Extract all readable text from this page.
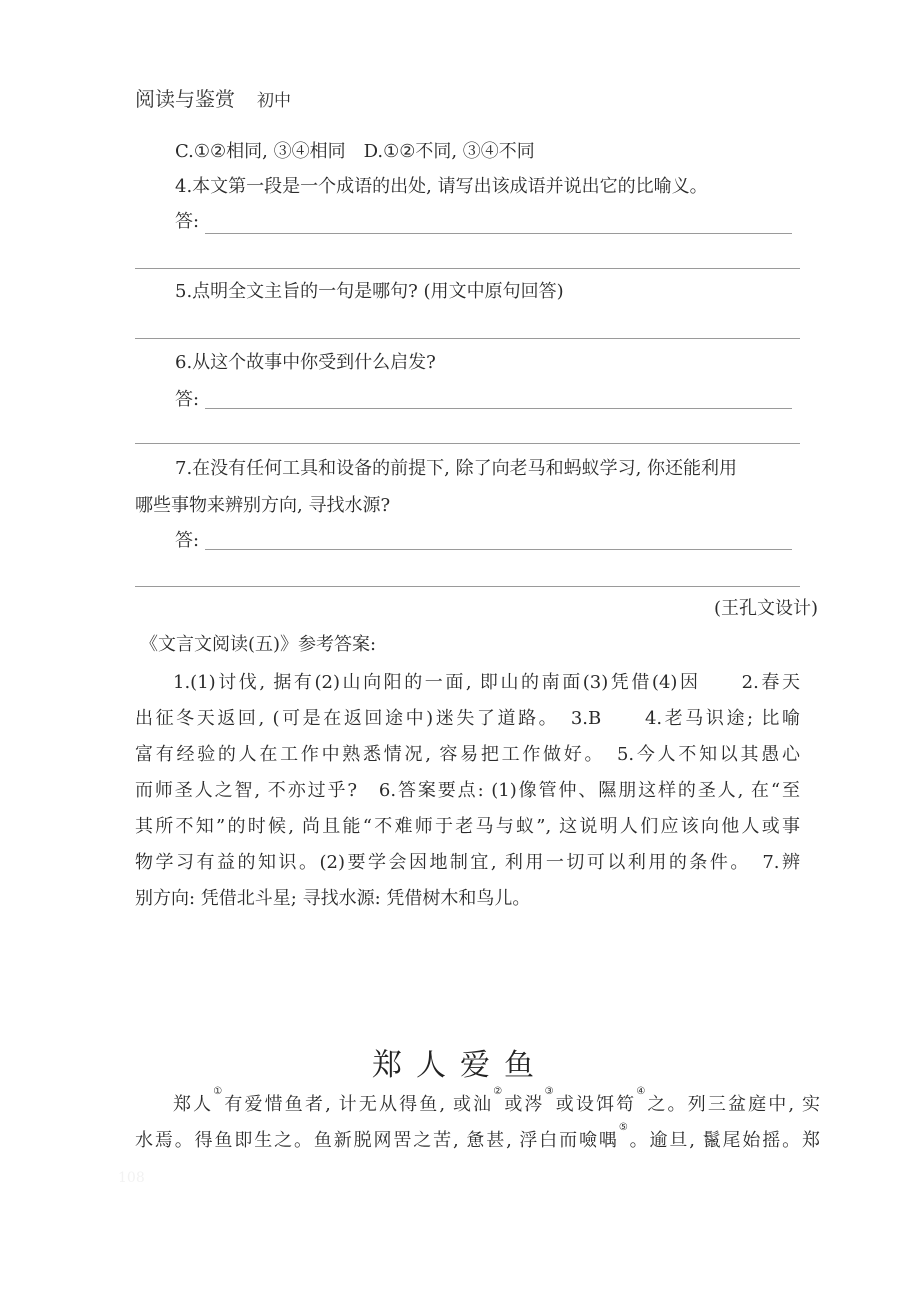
阅读与鉴赏 初中
C.①②相同, ③④相同　D.①②不同, ③④不同
4.本文第一段是一个成语的出处, 请写出该成语并说出它的比喻义。
答:
5.点明全文主旨的一句是哪句? (用文中原句回答)
6.从这个故事中你受到什么启发?
答:
7.在没有任何工具和设备的前提下, 除了向老马和蚂蚁学习, 你还能利用
哪些事物来辨别方向, 寻找水源?
答:
(王孔文设计)
《文言文阅读(五)》参考答案:

1.(1)讨伐, 据有(2)山向阳的一面, 即山的南面(3)凭借(4)因　　2.春天

出征冬天返回, (可是在返回途中)迷失了道路。　3.B　　4.老马识途; 比喻

富有经验的人在工作中熟悉情况, 容易把工作做好。　5.今人不知以其愚心

而师圣人之智, 不亦过乎?　6.答案要点: (1)像管仲、隰朋这样的圣人, 在“至

其所不知”的时候, 尚且能“不难师于老马与蚁”, 这说明人们应该向他人或事

物学习有益的知识。(2)要学会因地制宜, 利用一切可以利用的条件。　7.辨

别方向: 凭借北斗星; 寻找水源: 凭借树木和鸟儿。

郑人爱鱼

郑人①有爱惜鱼者, 计无从得鱼, 或汕②或涔③或设饵笱④之。列三盆庭中, 实

水焉。得鱼即生之。鱼新脱网罟之苦, 惫甚, 浮白而噞喁⑤。逾旦, 鬣尾始摇。郑

108
